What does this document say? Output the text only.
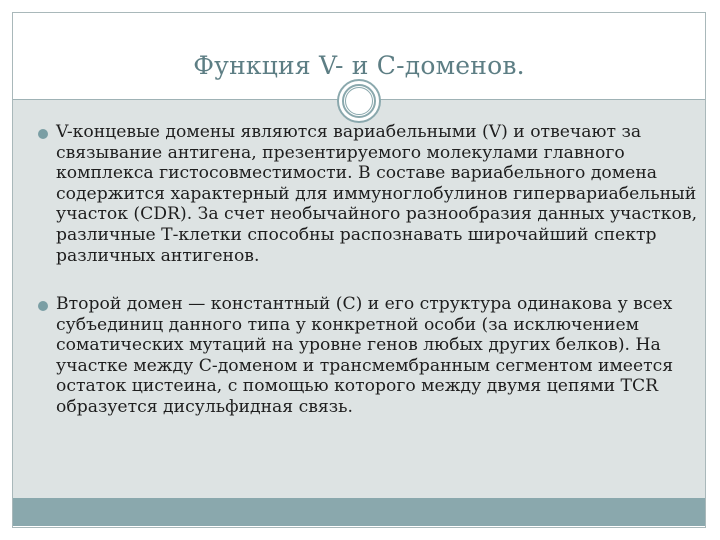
Функция V- и С-доменов.
V-концевые домены являются вариабельными (V) и отвечают за связывание антигена, презентируемого молекулами главного комплекса гистосовместимости. В составе вариабельного домена содержится характерный для иммуноглобулинов гипервариабельный участок (CDR). За счет необычайного разнообразия данных участков, различные Т-клетки способны распознавать широчайший спектр различных антигенов.
Второй домен — константный (С) и его структура одинакова у всех субъединиц данного типа у конкретной особи (за исключением соматических мутаций на уровне генов любых других белков). На участке между С-доменом и трансмембранным сегментом имеется остаток цистеина, с помощью которого между двумя цепями TCR образуется дисульфидная связь.
